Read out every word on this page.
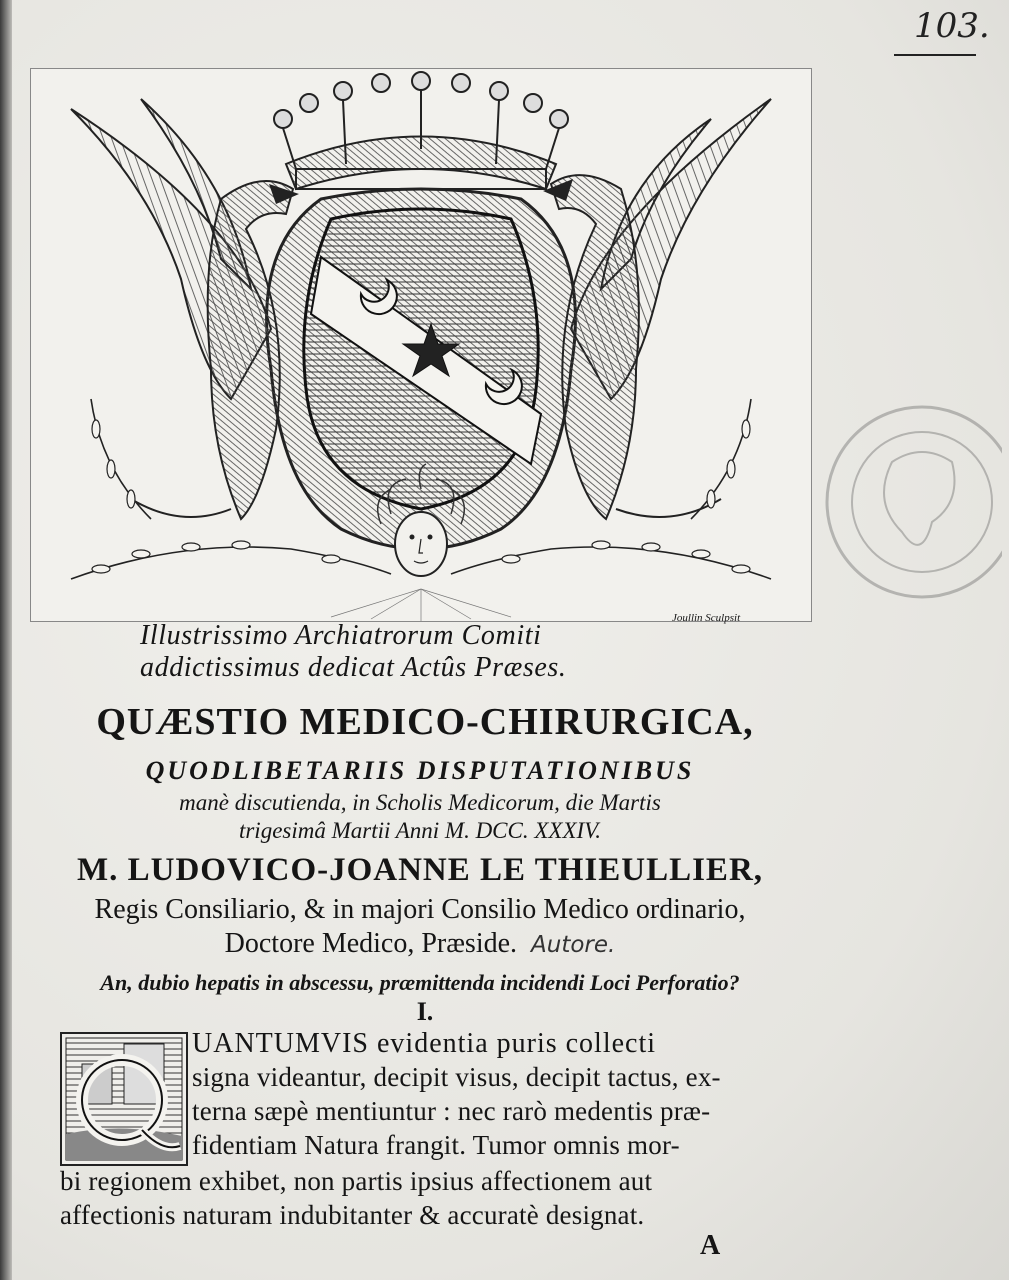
103.
Joullin Sculpsit
Illustrissimo Archiatrorum Comiti
addictissimus dedicat Actûs Præses.
QUÆSTIO MEDICO-CHIRURGICA,
QUODLIBETARIIS DISPUTATIONIBUS
manè discutienda, in Scholis Medicorum, die Martis
trigesimâ Martii Anni M. DCC. XXXIV.
M. LUDOVICO-JOANNE LE THIEULLIER,
Regis Consiliario, & in majori Consilio Medico ordinario,
Doctore Medico, Præside. Autore.
An, dubio hepatis in abscessu, præmittenda incidendi Loci Perforatio?
I.
UANTUMVIS evidentia puris collecti
signa videantur, decipit visus, decipit tactus, ex-
terna sæpè mentiuntur : nec rarò medentis præ-
fidentiam Natura frangit. Tumor omnis mor-
bi regionem exhibet, non partis ipsius affectionem aut
affectionis naturam indubitanter & accuratè designat.
A
